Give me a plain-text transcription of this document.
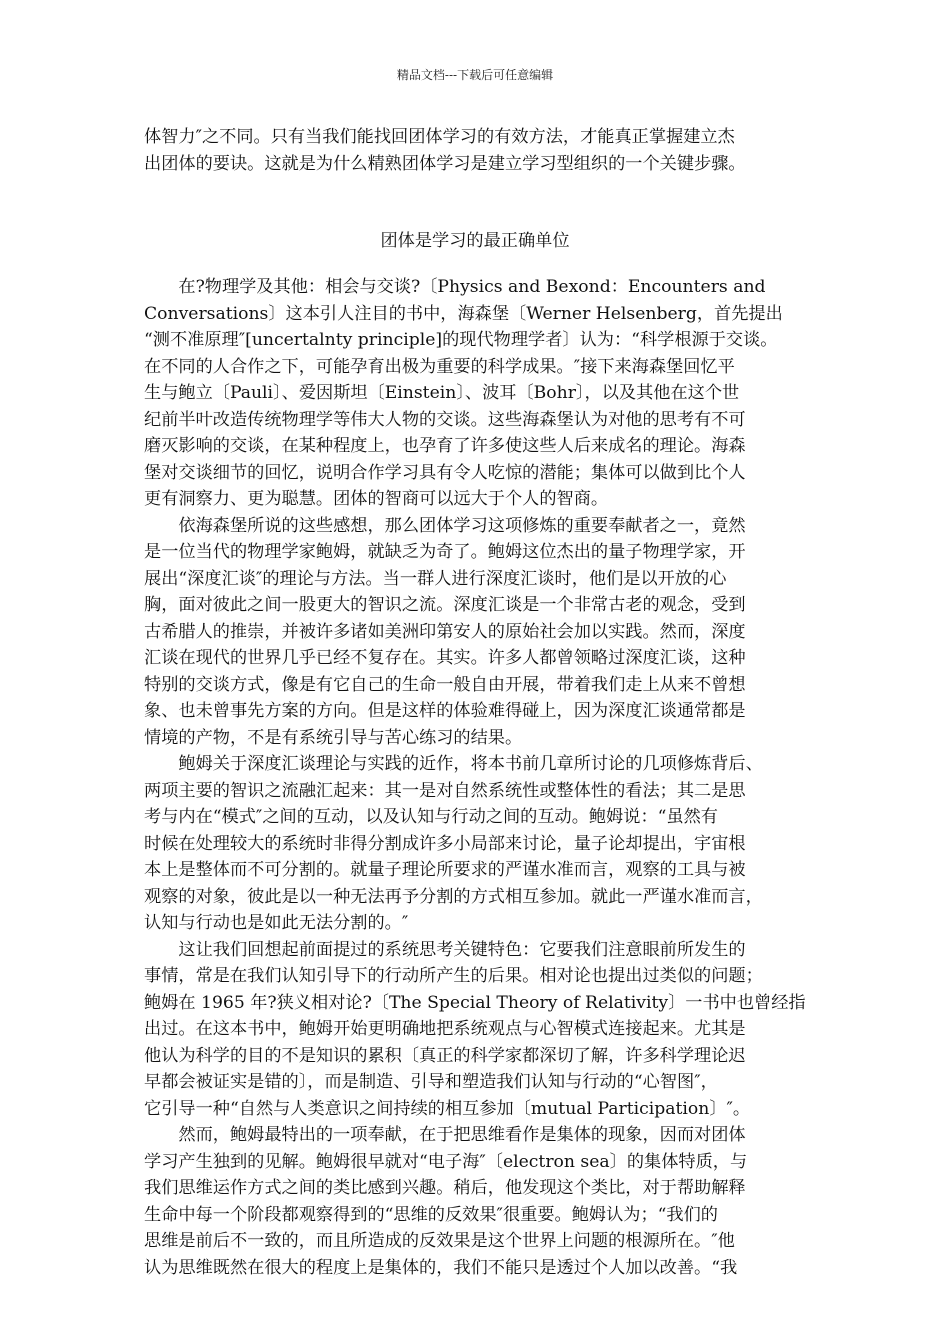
精品文档---下载后可任意编辑
体智力″之不同。只有当我们能找回团体学习的有效方法，才能真正掌握建立杰
出团体的要诀。这就是为什么精熟团体学习是建立学习型组织的一个关键步骤。
团体是学习的最正确单位
　　在?物理学及其他：相会与交谈?〔Physics and Bexond：Encounters and
Conversations〕这本引人注目的书中，海森堡〔Werner Helsenberg，首先提出
“测不准原理″[uncertalnty principle]的现代物理学者〕认为：“科学根源于交谈。
在不同的人合作之下，可能孕育出极为重要的科学成果。″接下来海森堡回忆平
生与鲍立〔Pauli〕、爱因斯坦〔Einstein〕、波耳〔Bohr〕，以及其他在这个世
纪前半叶改造传统物理学等伟大人物的交谈。这些海森堡认为对他的思考有不可
磨灭影响的交谈，在某种程度上，也孕育了许多使这些人后来成名的理论。海森
堡对交谈细节的回忆，说明合作学习具有令人吃惊的潜能；集体可以做到比个人
更有洞察力、更为聪慧。团体的智商可以远大于个人的智商。
　　依海森堡所说的这些感想，那么团体学习这项修炼的重要奉献者之一，竟然
是一位当代的物理学家鲍姆，就缺乏为奇了。鲍姆这位杰出的量子物理学家，开
展出“深度汇谈″的理论与方法。当一群人进行深度汇谈时，他们是以开放的心
胸，面对彼此之间一股更大的智识之流。深度汇谈是一个非常古老的观念，受到
古希腊人的推崇，并被许多诸如美洲印第安人的原始社会加以实践。然而，深度
汇谈在现代的世界几乎已经不复存在。其实。许多人都曾领略过深度汇谈，这种
特别的交谈方式，像是有它自己的生命一般自由开展，带着我们走上从来不曾想
象、也未曾事先方案的方向。但是这样的体验难得碰上，因为深度汇谈通常都是
情境的产物，不是有系统引导与苦心练习的结果。
　　鲍姆关于深度汇谈理论与实践的近作，将本书前几章所讨论的几项修炼背后、
两项主要的智识之流融汇起来：其一是对自然系统性或整体性的看法；其二是思
考与内在“模式″之间的互动，以及认知与行动之间的互动。鲍姆说：“虽然有
时候在处理较大的系统时非得分割成许多小局部来讨论，量子论却提出，宇宙根
本上是整体而不可分割的。就量子理论所要求的严谨水准而言，观察的工具与被
观察的对象，彼此是以一种无法再予分割的方式相互参加。就此一严谨水准而言，
认知与行动也是如此无法分割的。″
　　这让我们回想起前面提过的系统思考关键特色：它要我们注意眼前所发生的
事情，常是在我们认知引导下的行动所产生的后果。相对论也提出过类似的问题；
鲍姆在 1965 年?狭义相对论?〔The Special Theory of Relativity〕一书中也曾经指
出过。在这本书中，鲍姆开始更明确地把系统观点与心智模式连接起来。尤其是
他认为科学的目的不是知识的累积〔真正的科学家都深切了解，许多科学理论迟
早都会被证实是错的〕，而是制造、引导和塑造我们认知与行动的“心智图″，
它引导一种“自然与人类意识之间持续的相互参加〔mutual Participation〕″。
　　然而，鲍姆最特出的一项奉献，在于把思维看作是集体的现象，因而对团体
学习产生独到的见解。鲍姆很早就对“电子海″〔electron sea〕的集体特质，与
我们思维运作方式之间的类比感到兴趣。稍后，他发现这个类比，对于帮助解释
生命中每一个阶段都观察得到的“思维的反效果″很重要。鲍姆认为；“我们的
思维是前后不一致的，而且所造成的反效果是这个世界上问题的根源所在。″他
认为思维既然在很大的程度上是集体的，我们不能只是透过个人加以改善。“我
